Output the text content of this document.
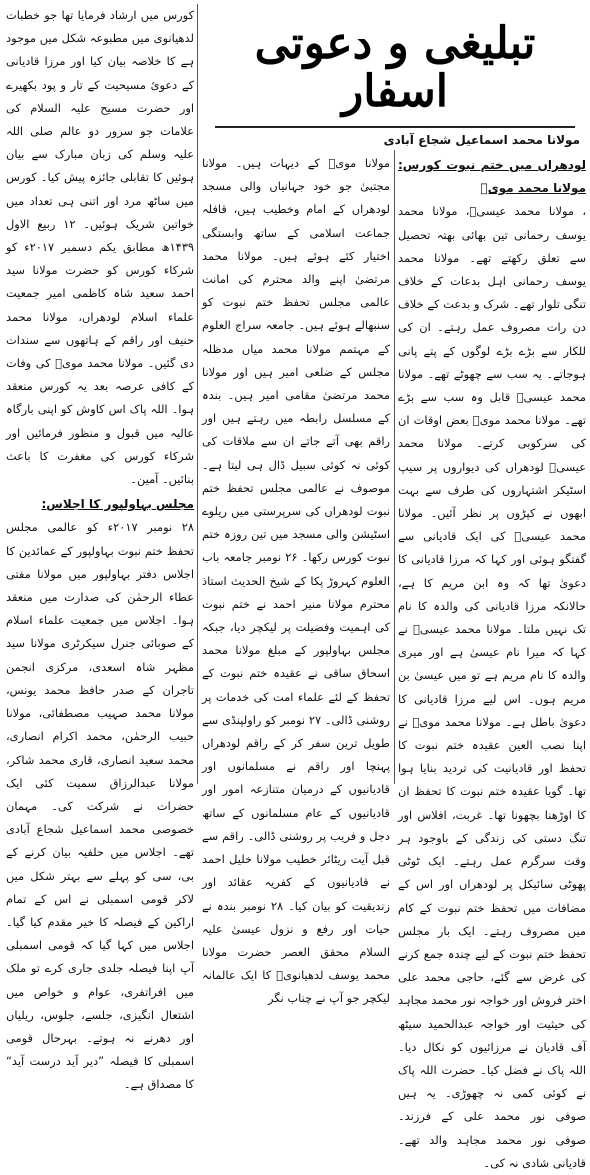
تبلیغی و دعوتی اسفار
مولانا محمد اسماعیل شجاع آبادی

لودھراں میں ختم نبوت کورس: مولانا محمد مویؒ
، مولانا محمد عیسیؒ، مولانا محمد یوسف رحمانی تین بھائی بھتہ تحصیل سے تعلق رکھتے تھے۔ مولانا محمد یوسف رحمانی اہل بدعات کے خلاف تنگی تلوار تھے۔ شرک و بدعت کے خلاف دن رات مصروف عمل رہتے۔ ان کی للکار سے بڑے بڑے لوگوں کے پتے پانی ہوجاتے۔ یہ سب سے چھوٹے تھے۔ مولانا محمد عیسیؒ قابل وہ سب سے بڑے تھے۔ مولانا محمد مویؒ بعض اوقات ان کی سرکوبی کرتے۔ مولانا محمد عیسیؒ لودھراں کی دیواروں پر سیپ اسٹیکر اشتہاروں کی طرف سے بہت ابھوں نے کپڑوں پر نظر آئیں۔ مولانا محمد عیسیؒ کی ایک قادیانی سے گفتگو ہوئی اور کہا کہ مرزا قادیانی کا دعویٰ تھا کہ وہ ابن مریم کا ہے، حالانکہ مرزا قادیانی کی والدہ کا نام تک نہیں ملتا۔ مولانا محمد عیسیؒ نے کہا کہ میرا نام عیسیٰ ہے اور میری والدہ کا نام مریم ہے تو میں عیسیٰ بن مریم ہوں۔ اس لیے مرزا قادیانی کا دعویٰ باطل ہے۔ مولانا محمد مویؒ نے اپنا نصب العین عقیدہ ختم نبوت کا تحفظ اور قادیانیت کی تردید بنایا ہوا تھا۔ گویا عقیدہ ختم نبوت کا تحفظ ان کا اوڑھنا بچھونا تھا۔ غربت، افلاس اور تنگ دستی کی زندگی کے باوجود ہر وقت سرگرم عمل رہتے۔ ایک ٹوٹی پھوٹی سائیکل پر لودھراں اور اس کے مضافات میں تحفظ ختم نبوت کے کام میں مصروف رہتے۔ ایک بار مجلس تحفظ ختم نبوت کے لیے چندہ جمع کرنے کی غرض سے گئے، حاجی محمد علی اختر فروش اور خواجہ نور محمد مجاہد کی حیثیت اور خواجہ عبدالحمید سیٹھ آف قادیان نے مرزائیوں کو نکال دیا۔ اللہ پاک نے فضل کیا۔ حضرت اللہ پاک نے کوئی کمی نہ چھوڑی۔ یہ ہیں صوفی نور محمد علی کے فرزند۔ صوفی نور محمد مجاہد والد تھے۔ قادیانی شادی نہ کی۔

مولانا مویؒ کے دیہات ہیں۔ مولانا مجتبیٰ جو خود جہانیاں والی مسجد لودھراں کے امام وخطیب ہیں، قافلہ جماعت اسلامی کے ساتھ وابستگی اختیار کئے ہوئے ہیں۔ مولانا محمد مرتضیٰ اپنے والد محترم کی امانت عالمی مجلس تحفظ ختم نبوت کو سنبھالے ہوئے ہیں۔ جامعہ سراج العلوم کے مہتمم مولانا محمد میاں مدظلہ مجلس کے ضلعی امیر ہیں اور مولانا محمد مرتضیٰ مقامی امیر ہیں۔ بندہ کے مسلسل رابطہ میں رہتے ہیں اور راقم بھی آتے جاتے ان سے ملاقات کی کوئی نہ کوئی سبیل ڈال ہی لیتا ہے۔ موصوف نے عالمی مجلس تحفظ ختم نبوت لودھراں کی سرپرستی میں ریلوے اسٹیشن والی مسجد میں تین روزہ ختم نبوت کورس رکھا۔ ۲۶ نومبر جامعہ باب العلوم کہروڑ پکا کے شیخ الحدیث استاذ محترم مولانا منیر احمد نے ختم نبوت کی اہمیت وفضیلت پر لیکچر دیا، جبکہ مجلس بہاولپور کے مبلغ مولانا محمد اسحاق ساقی نے عقیدہ ختم نبوت کے تحفظ کے لئے علماء امت کی خدمات پر روشنی ڈالی۔ ۲۷ نومبر کو راولپنڈی سے طویل ترین سفر کر کے راقم لودھراں پہنچا اور راقم نے مسلمانوں اور قادیانیوں کے درمیان متنازعہ امور اور قادیانیوں کے عام مسلمانوں کے ساتھ دجل و فریب پر روشنی ڈالی۔ راقم سے قبل آیت ریٹائر خطیب مولانا خلیل احمد نے قادیانیوں کے کفریہ عقائد اور زندیقیت کو بیان کیا۔ ۲۸ نومبر بندہ نے حیات اور رفع و نزول عیسیٰ علیہ السلام محقق العصر حضرت مولانا محمد یوسف لدھیانویؒ کا ایک عالمانہ لیکچر جو آپ نے چناب نگر

کورس میں ارشاد فرمایا تھا جو خطبات لدھیانوی میں مطبوعہ شکل میں موجود ہے کا خلاصہ بیان کیا اور مرزا قادیانی کے دعوئ مسیحیت کے تار و پود بکھیرے اور حضرت مسیح علیہ السلام کی علامات جو سرور دو عالم صلی اللہ علیہ وسلم کی زبان مبارک سے بیان ہوئیں کا تقابلی جائزہ پیش کیا۔ کورس میں ساٹھ مرد اور اتنی ہی تعداد میں خواتین شریک ہوئیں۔ ۱۲ ربیع الاول ۱۴۳۹ھ مطابق یکم دسمبر ۲۰۱۷ء کو شرکاء کورس کو حضرت مولانا سید احمد سعید شاہ کاظمی امیر جمعیت علماء اسلام لودھراں، مولانا محمد حنیف اور راقم کے ہاتھوں سے سندات دی گئیں۔ مولانا محمد مویؒ کی وفات کے کافی عرصہ بعد یہ کورس منعقد ہوا۔ اللہ پاک اس کاوش کو اپنی بارگاہ عالیہ میں قبول و منظور فرمائیں اور شرکاء کورس کی مغفرت کا باعث بنائیں۔ آمین۔

مجلس بہاولپور کا اجلاس:
۲۸ نومبر ۲۰۱۷ء کو عالمی مجلس تحفظ ختم نبوت بہاولپور کے عمائدین کا اجلاس دفتر بہاولپور میں مولانا مفتی عطاء الرحمٰن کی صدارت میں منعقد ہوا۔ اجلاس میں جمعیت علماء اسلام کے صوبائی جنرل سیکرٹری مولانا سید مظہر شاہ اسعدی، مرکزی انجمن تاجران کے صدر حافظ محمد یونس، مولانا محمد صہیب مصطفائی، مولانا حبیب الرحمٰن، محمد اکرام انصاری، محمد سعید انصاری، قاری محمد شاکر، مولانا عبدالرزاق سمیت کئی ایک حضرات نے شرکت کی۔ مہمان خصوصی محمد اسماعیل شجاع آبادی تھے۔ اجلاس میں حلفیہ بیان کرنے کے بی، سی کو پہلے سے بہتر شکل میں لاکر قومی اسمبلی نے اس کے تمام اراکین کے فیصلہ کا خیر مقدم کیا گیا۔ اجلاس میں کہا گیا کہ قومی اسمبلی آپ اپنا فیصلہ جلدی جاری کرے تو ملک میں افراتفری، عوام و خواص میں اشتعال انگیزی، جلسے، جلوس، ریلیاں اور دھرنے نہ ہوتے۔ بہرحال قومی اسمبلی کا فیصلہ ”دیر آید درست آید“ کا مصداق ہے۔
